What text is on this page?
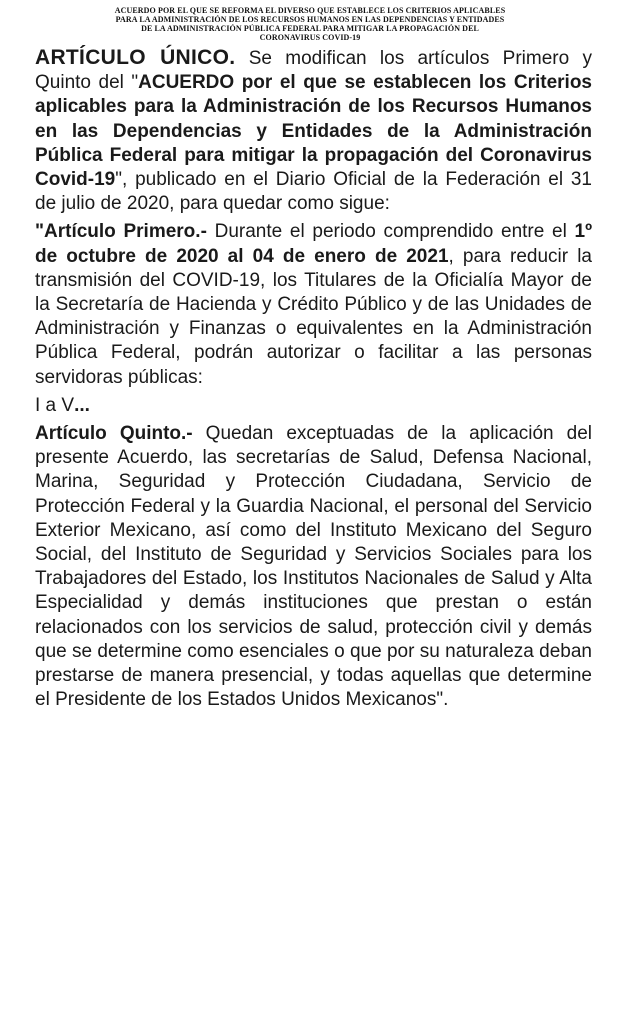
ACUERDO POR EL QUE SE REFORMA EL DIVERSO QUE ESTABLECE LOS CRITERIOS APLICABLES
PARA LA ADMINISTRACIÓN DE LOS RECURSOS HUMANOS EN LAS DEPENDENCIAS Y ENTIDADES
DE LA ADMINISTRACIÓN PÚBLICA FEDERAL PARA MITIGAR LA PROPAGACIÓN DEL
CORONAVIRUS COVID-19

ARTÍCULO ÚNICO. Se modifican los artículos Primero y Quinto del "ACUERDO por el que se establecen los Criterios aplicables para la Administración de los Recursos Humanos en las Dependencias y Entidades de la Administración Pública Federal para mitigar la propagación del Coronavirus Covid-19", publicado en el Diario Oficial de la Federación el 31 de julio de 2020, para quedar como sigue:

"Artículo Primero.- Durante el periodo comprendido entre el 1º de octubre de 2020 al 04 de enero de 2021, para reducir la transmisión del COVID-19, los Titulares de la Oficialía Mayor de la Secretaría de Hacienda y Crédito Público y de las Unidades de Administración y Finanzas o equivalentes en la Administración Pública Federal, podrán autorizar o facilitar a las personas servidoras públicas:

I a V...

Artículo Quinto.- Quedan exceptuadas de la aplicación del presente Acuerdo, las secretarías de Salud, Defensa Nacional, Marina, Seguridad y Protección Ciudadana, Servicio de Protección Federal y la Guardia Nacional, el personal del Servicio Exterior Mexicano, así como del Instituto Mexicano del Seguro Social, del Instituto de Seguridad y Servicios Sociales para los Trabajadores del Estado, los Institutos Nacionales de Salud y Alta Especialidad y demás instituciones que prestan o están relacionados con los servicios de salud, protección civil y demás que se determine como esenciales o que por su naturaleza deban prestarse de manera presencial, y todas aquellas que determine el Presidente de los Estados Unidos Mexicanos".
